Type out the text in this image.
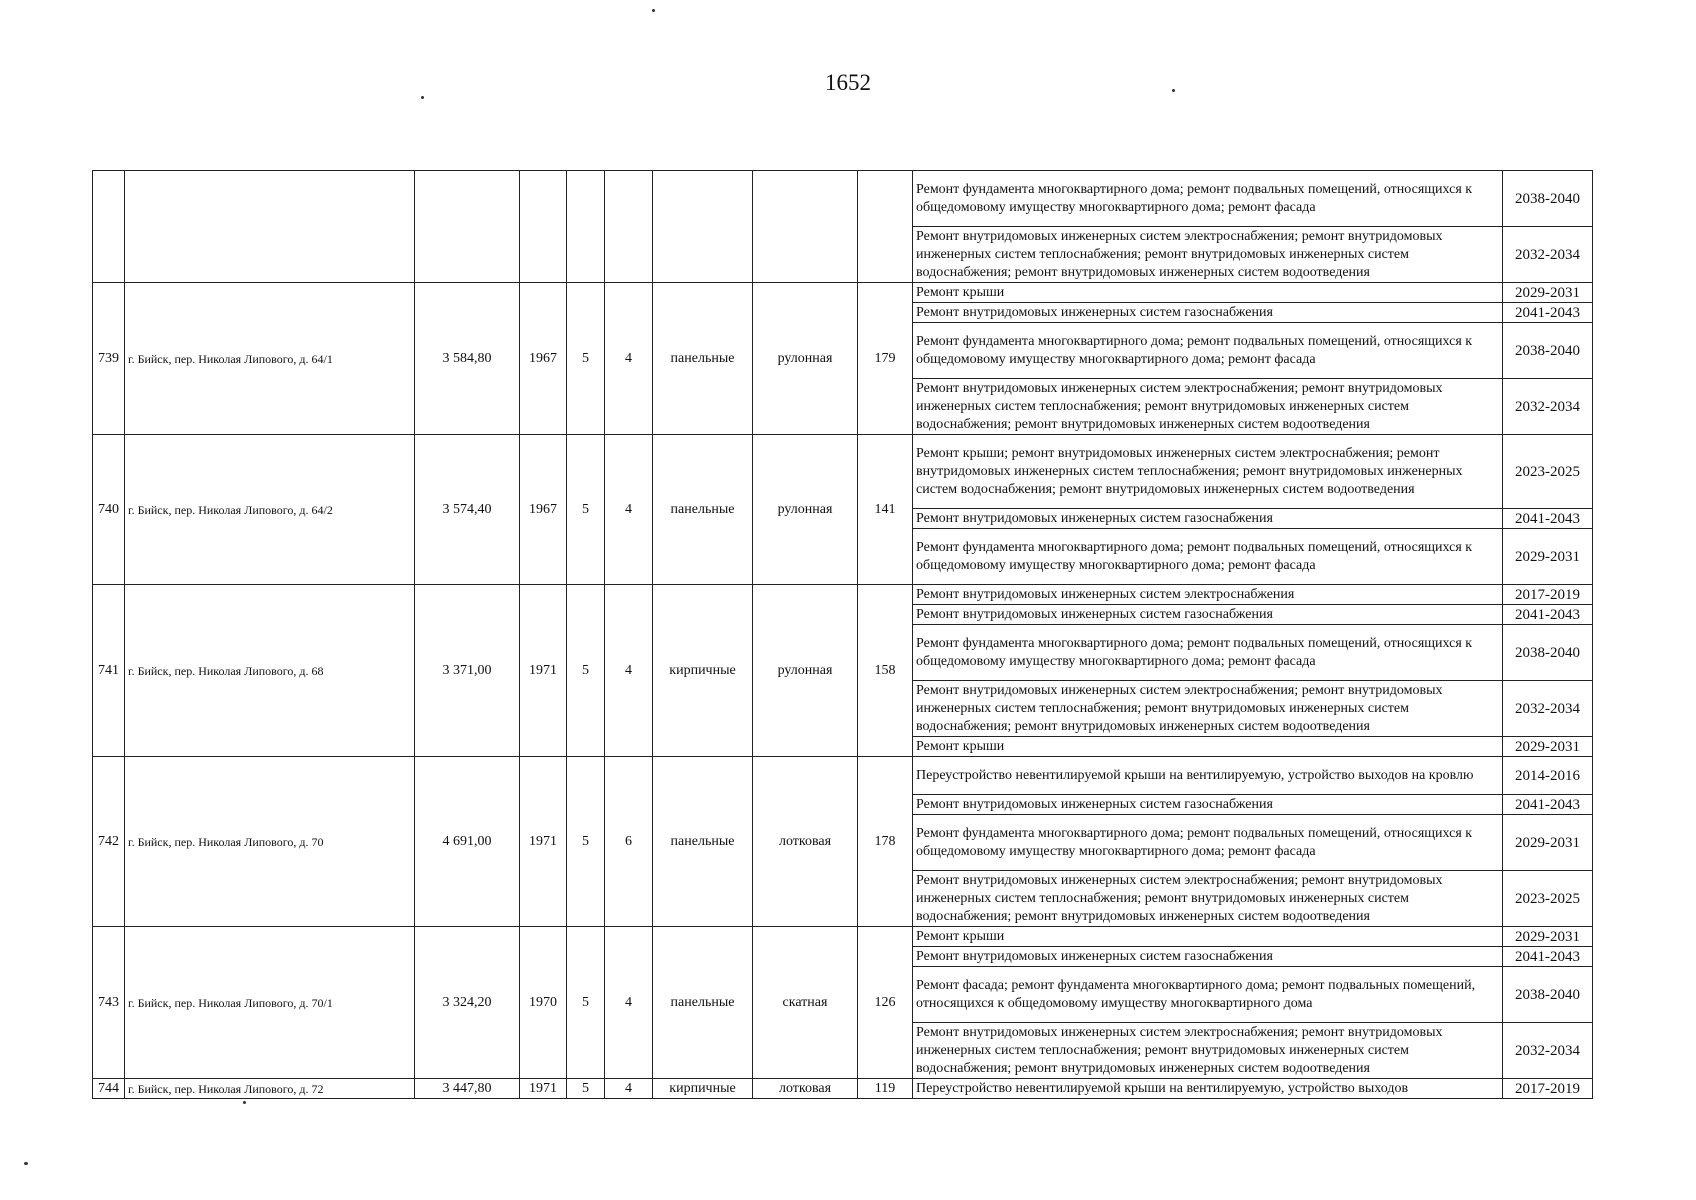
1652
									Ремонт фундамента многоквартирного дома; ремонт подвальных помещений, относящихся к общедомовому имуществу многоквартирного дома; ремонт фасада	2038-2040
									Ремонт внутридомовых инженерных систем электроснабжения; ремонт внутридомовых инженерных систем теплоснабжения; ремонт внутридомовых инженерных систем водоснабжения; ремонт внутридомовых инженерных систем водоотведения	2032-2034
739	г. Бийск, пер. Николая Липового, д. 64/1	3 584,80	1967	5	4	панельные	рулонная	179	Ремонт крыши	2029-2031
									Ремонт внутридомовых инженерных систем газоснабжения	2041-2043
									Ремонт фундамента многоквартирного дома; ремонт подвальных помещений, относящихся к общедомовому имуществу многоквартирного дома; ремонт фасада	2038-2040
									Ремонт внутридомовых инженерных систем электроснабжения; ремонт внутридомовых инженерных систем теплоснабжения; ремонт внутридомовых инженерных систем водоснабжения; ремонт внутридомовых инженерных систем водоотведения	2032-2034
740	г. Бийск, пер. Николая Липового, д. 64/2	3 574,40	1967	5	4	панельные	рулонная	141	Ремонт крыши; ремонт внутридомовых инженерных систем электроснабжения; ремонт внутридомовых инженерных систем теплоснабжения; ремонт внутридомовых инженерных систем водоснабжения; ремонт внутридомовых инженерных систем водоотведения	2023-2025
									Ремонт внутридомовых инженерных систем газоснабжения	2041-2043
									Ремонт фундамента многоквартирного дома; ремонт подвальных помещений, относящихся к общедомовому имуществу многоквартирного дома; ремонт фасада	2029-2031
741	г. Бийск, пер. Николая Липового, д. 68	3 371,00	1971	5	4	кирпичные	рулонная	158	Ремонт внутридомовых инженерных систем электроснабжения	2017-2019
									Ремонт внутридомовых инженерных систем газоснабжения	2041-2043
									Ремонт фундамента многоквартирного дома; ремонт подвальных помещений, относящихся к общедомовому имуществу многоквартирного дома; ремонт фасада	2038-2040
									Ремонт внутридомовых инженерных систем электроснабжения; ремонт внутридомовых инженерных систем теплоснабжения; ремонт внутридомовых инженерных систем водоснабжения; ремонт внутридомовых инженерных систем водоотведения	2032-2034
									Ремонт крыши	2029-2031
742	г. Бийск, пер. Николая Липового, д. 70	4 691,00	1971	5	6	панельные	лотковая	178	Переустройство невентилируемой крыши на вентилируемую, устройство выходов на кровлю	2014-2016
									Ремонт внутридомовых инженерных систем газоснабжения	2041-2043
									Ремонт фундамента многоквартирного дома; ремонт подвальных помещений, относящихся к общедомовому имуществу многоквартирного дома; ремонт фасада	2029-2031
									Ремонт внутридомовых инженерных систем электроснабжения; ремонт внутридомовых инженерных систем теплоснабжения; ремонт внутридомовых инженерных систем водоснабжения; ремонт внутридомовых инженерных систем водоотведения	2023-2025
743	г. Бийск, пер. Николая Липового, д. 70/1	3 324,20	1970	5	4	панельные	скатная	126	Ремонт крыши	2029-2031
									Ремонт внутридомовых инженерных систем газоснабжения	2041-2043
									Ремонт фасада; ремонт фундамента многоквартирного дома; ремонт подвальных помещений, относящихся к общедомовому имуществу многоквартирного дома	2038-2040
									Ремонт внутридомовых инженерных систем электроснабжения; ремонт внутридомовых инженерных систем теплоснабжения; ремонт внутридомовых инженерных систем водоснабжения; ремонт внутридомовых инженерных систем водоотведения	2032-2034
744	г. Бийск, пер. Николая Липового, д. 72	3 447,80	1971	5	4	кирпичные	лотковая	119	Переустройство невентилируемой крыши на вентилируемую, устройство выходов	2017-2019
